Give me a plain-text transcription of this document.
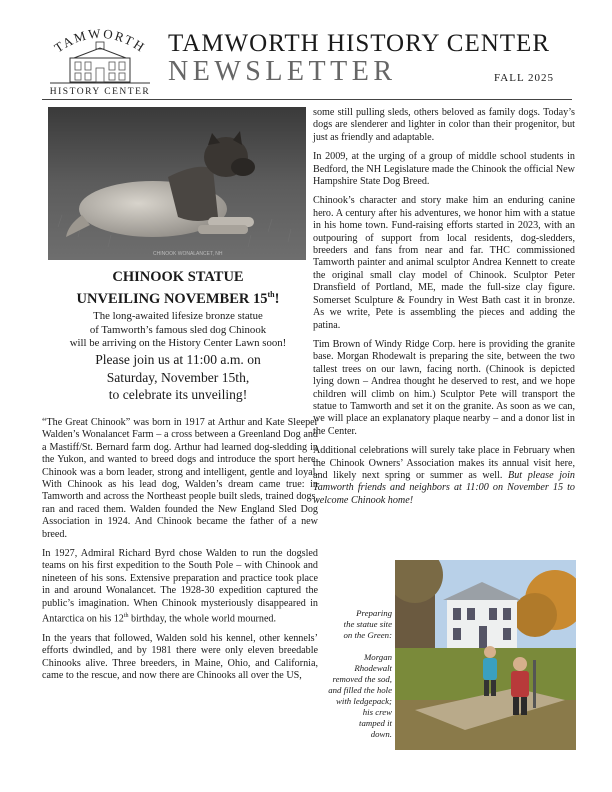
TAMWORTH
HISTORY CENTER
TAMWORTH HISTORY CENTER
NEWSLETTER	FALL 2025
CHINOOK WONALANCET, NH
CHINOOK STATUE
UNVEILING NOVEMBER 15th!
The long-awaited lifesize bronze statue
of Tamworth’s famous sled dog Chinook
will be arriving on the History Center Lawn soon!
Please join us at 11:00 a.m. on
Saturday, November 15th,
to celebrate its unveiling!

“The Great Chinook” was born in 1917 at Arthur and Kate Sleeper Walden’s Wonalancet Farm – a cross between a Greenland Dog and a Mastiff/St. Bernard farm dog. Arthur had learned dog-sledding in the Yukon, and wanted to breed dogs and introduce the sport here. Chinook was a born leader, strong and intelligent, gentle and loyal. With Chinook as his lead dog, Walden’s dream came true: in Tamworth and across the Northeast people built sleds, trained dogs, ran and raced them. Walden founded the New England Sled Dog Association in 1924. And Chinook became the father of a new breed.

In 1927, Admiral Richard Byrd chose Walden to run the dogsled teams on his first expedition to the South Pole – with Chinook and nineteen of his sons. Extensive preparation and practice took place in and around Wonalancet. The 1928-30 expedition captured the public’s imagination. When Chinook mysteriously disappeared in Antarctica on his 12th birthday, the whole world mourned.

In the years that followed, Walden sold his kennel, other kennels’ efforts dwindled, and by 1981 there were only eleven breedable Chinooks alive. Three breeders, in Maine, Ohio, and California, came to the rescue, and now there are Chinooks all over the US,

some still pulling sleds, others beloved as family dogs. Today’s dogs are slenderer and lighter in color than their progenitor, but just as friendly and adaptable.

In 2009, at the urging of a group of middle school students in Bedford, the NH Legislature made the Chinook the official New Hampshire State Dog Breed.

Chinook’s character and story make him an enduring canine hero. A century after his adventures, we honor him with a statue in his home town. Fund-raising efforts started in 2023, with an outpouring of support from local residents, dog-sledders, breeders and fans from near and far. THC commissioned Tamworth painter and animal sculptor Andrea Kennett to create the original small clay model of Chinook. Sculptor Peter Dransfield of Portland, ME, made the full-size clay figure. Somerset Sculpture & Foundry in West Bath cast it in bronze. As we write, Pete is assembling the pieces and adding the patina.

Tim Brown of Windy Ridge Corp. here is providing the granite base. Morgan Rhodewalt is preparing the site, between the two tallest trees on our lawn, facing north. (Chinook is depicted lying down – Andrea thought he deserved to rest, and we hope children will climb on him.) Sculptor Pete will transport the statue to Tamworth and set it on the granite. As soon as we can, we will place an explanatory plaque nearby – and a donor list in the Center.

Additional celebrations will surely take place in February when the Chinook Owners’ Association makes its annual visit here, and likely next spring or summer as well. But please join Tamworth friends and neighbors at 11:00 on November 15 to welcome Chinook home!

Preparing
the statue site
on the Green:
Morgan
Rhodewalt
removed the sod,
and filled the hole
with ledgepack;
his crew
tamped it
down.
